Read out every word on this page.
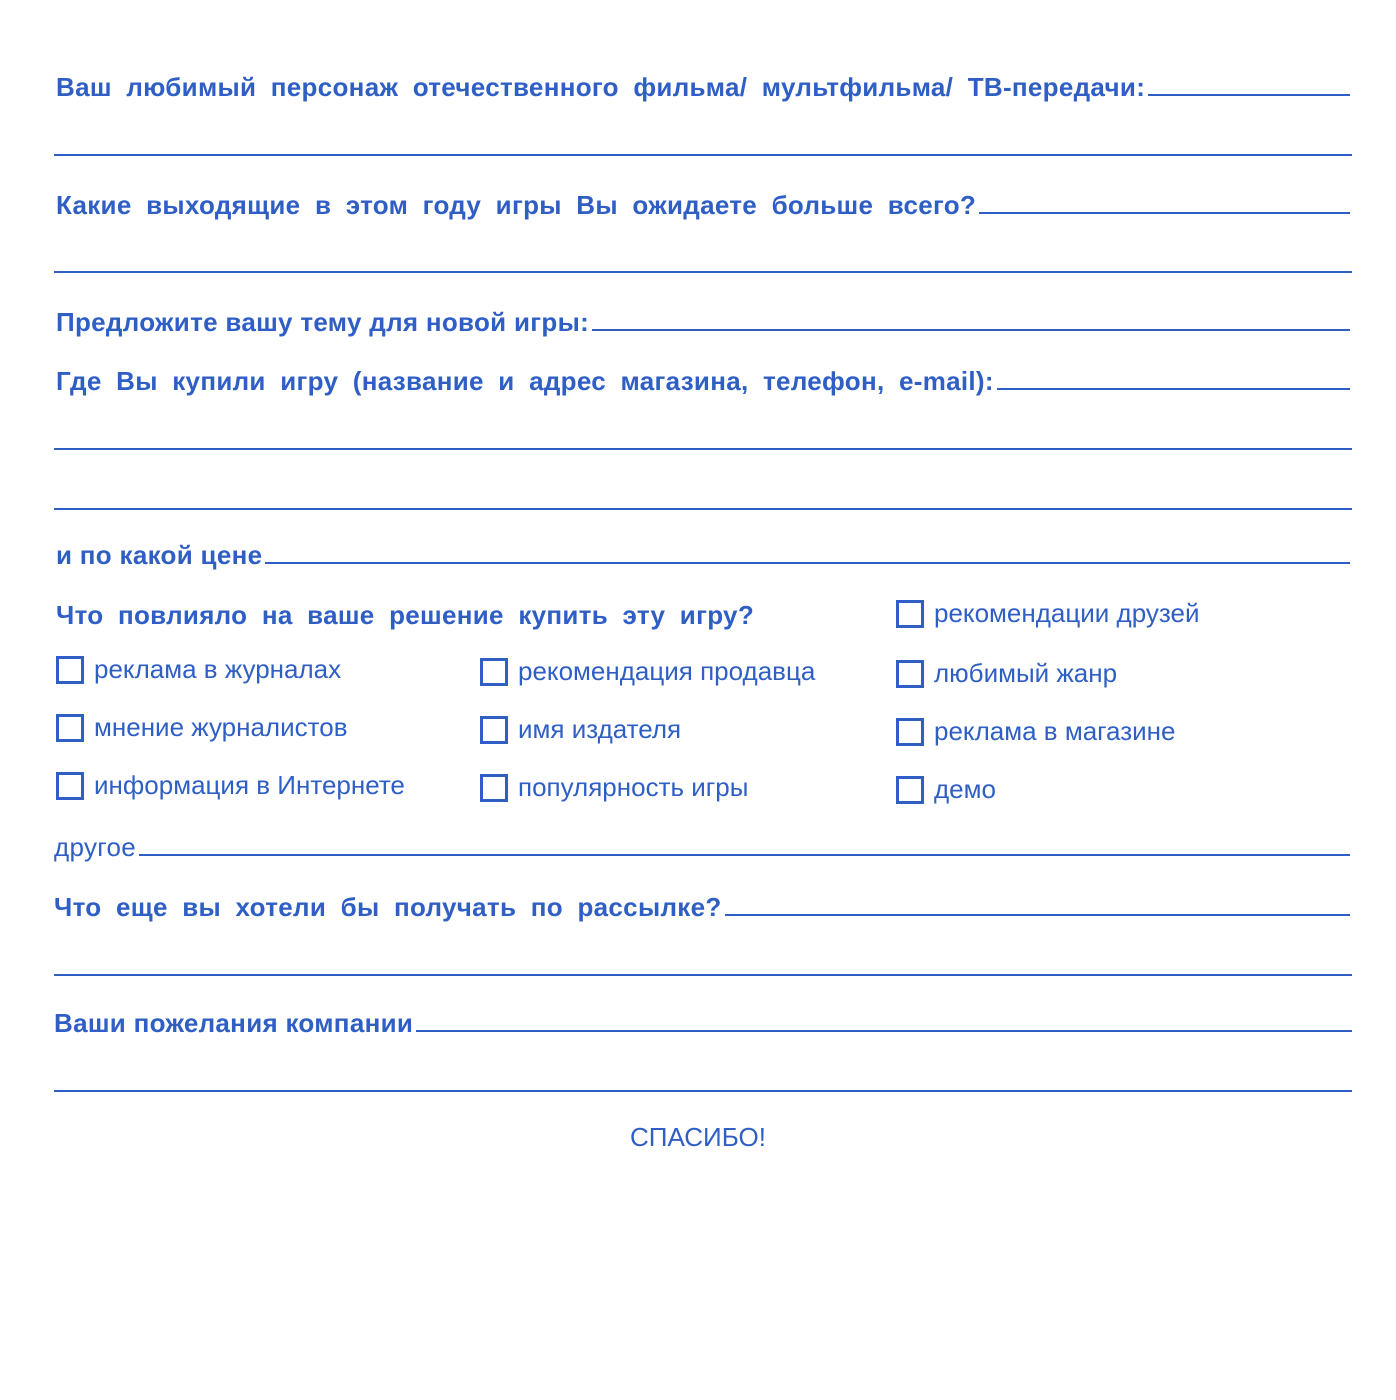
Ваш любимый персонаж отечественного фильма/ мультфильма/ ТВ-передачи:
Какие выходящие в этом году игры Вы ожидаете больше всего?
Предложите вашу тему для новой игры:
Где Вы купили игру (название и адрес магазина, телефон, e-mail):
и по какой цене
Что повлияло на ваше решение купить эту игру?	рекомендации друзей
реклама в журналах	рекомендация продавца	любимый жанр
мнение журналистов	имя издателя	реклама в магазине
информация в Интернете	популярность игры	демо
другое
Что еще вы хотели бы получать по рассылке?
Ваши пожелания компании
СПАСИБО!
